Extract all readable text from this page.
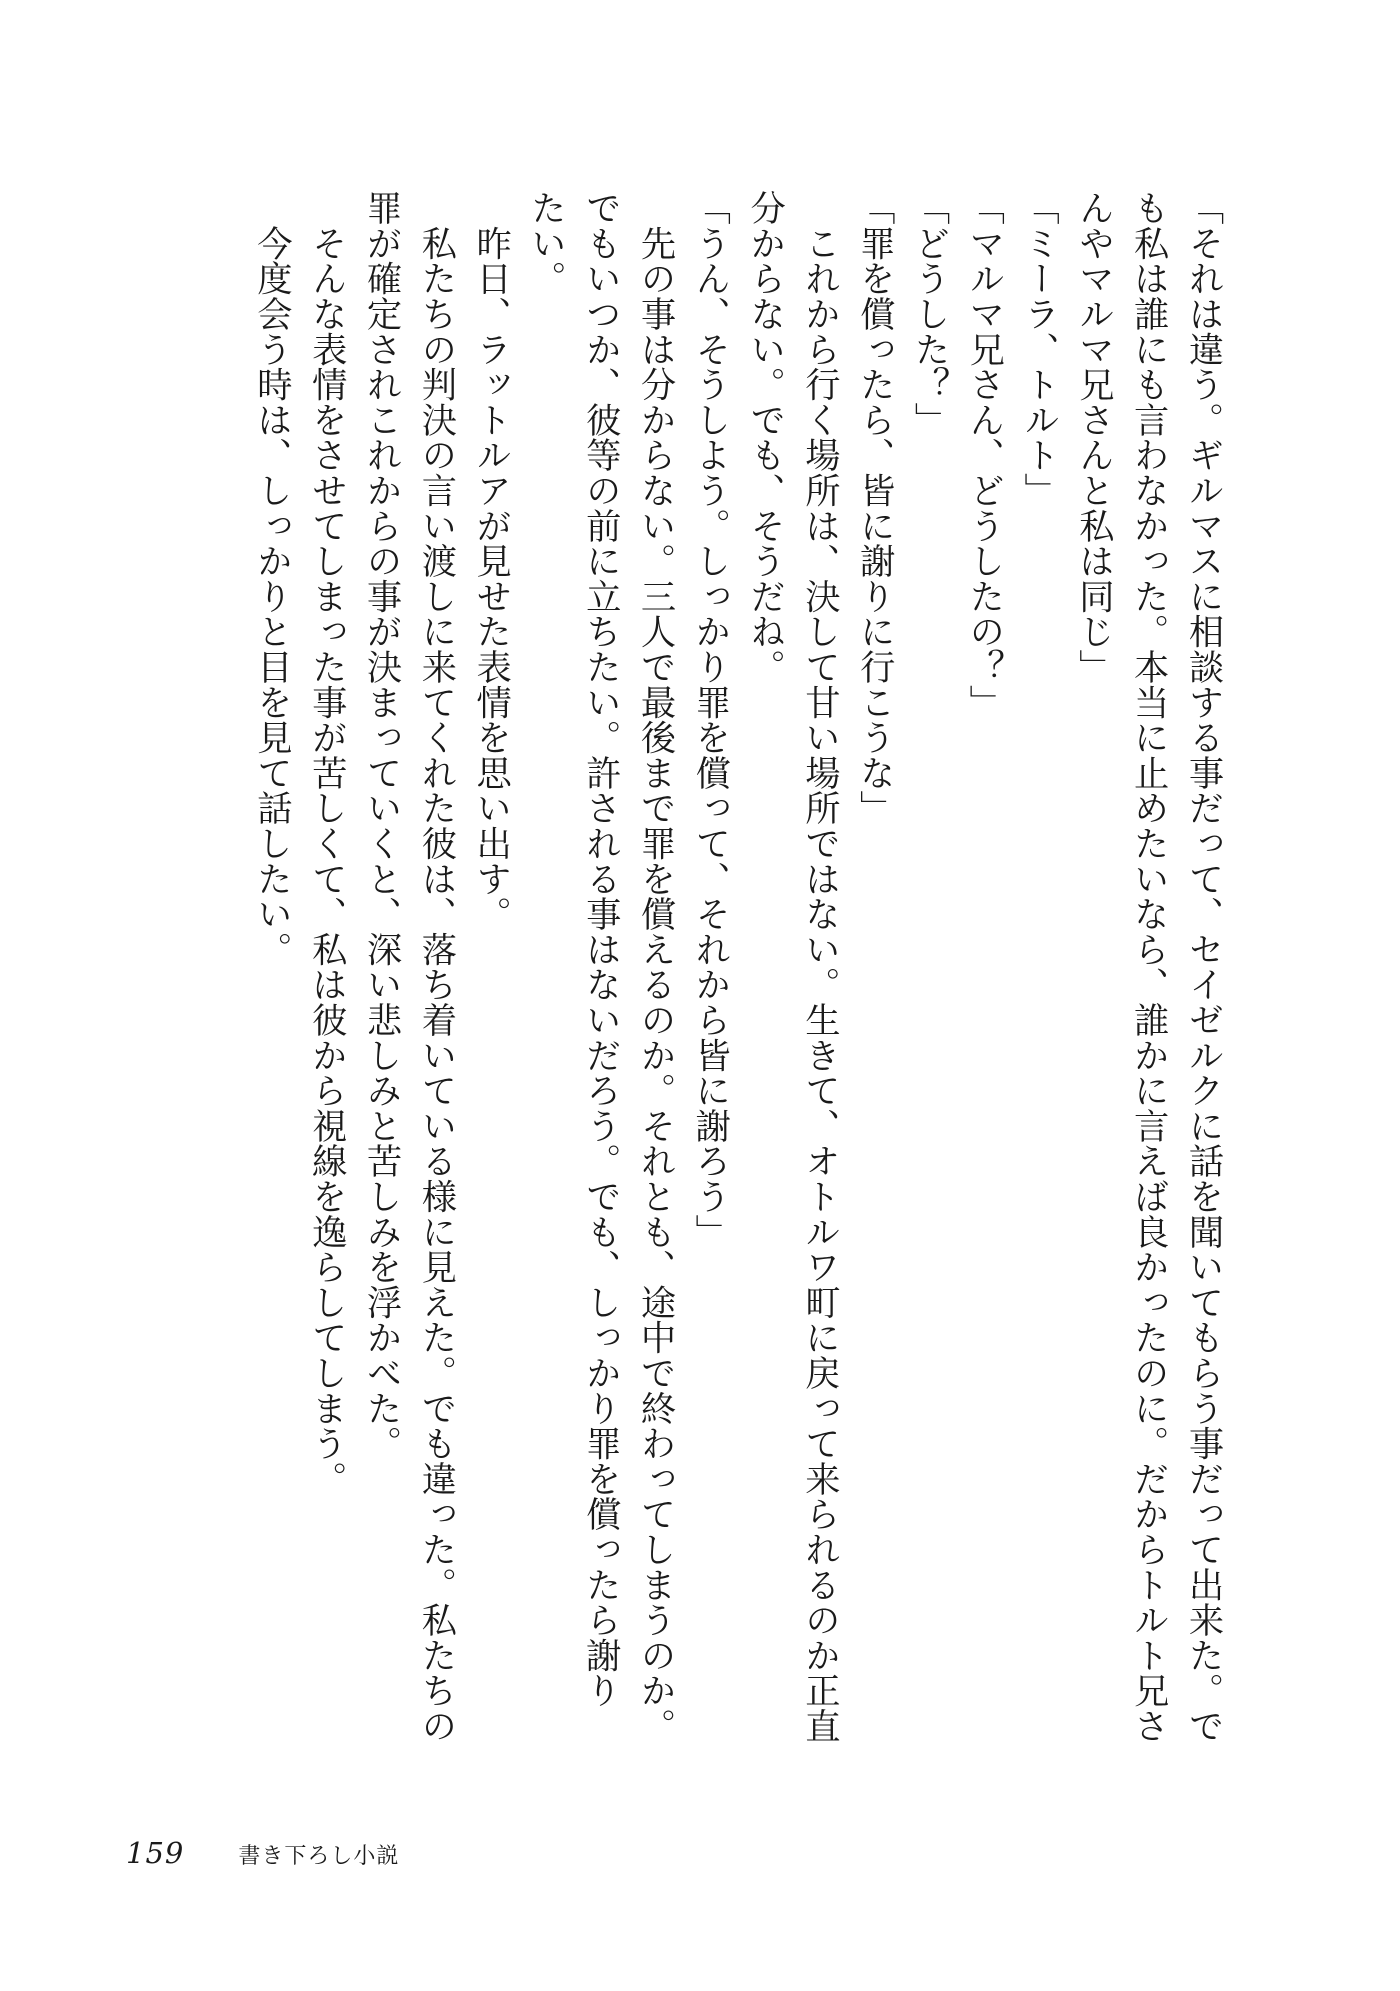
「それは違う。ギルマスに相談する事だって、セイゼルクに話を聞いてもらう事だって出来た。で
も私は誰にも言わなかった。本当に止めたいなら、誰かに言えば良かったのに。だからトルト兄さ
んやマルマ兄さんと私は同じ」
「ミーラ、トルト」
「マルマ兄さん、どうしたの？」
「どうした？」
「罪を償ったら、皆に謝りに行こうな」
　これから行く場所は、決して甘い場所ではない。生きて、オトルワ町に戻って来られるのか正直
分からない。でも、そうだね。
「うん、そうしよう。しっかり罪を償って、それから皆に謝ろう」
　先の事は分からない。三人で最後まで罪を償えるのか。それとも、途中で終わってしまうのか。
でもいつか、彼等の前に立ちたい。許される事はないだろう。でも、しっかり罪を償ったら謝り
たい。
　昨日、ラットルアが見せた表情を思い出す。
　私たちの判決の言い渡しに来てくれた彼は、落ち着いている様に見えた。でも違った。私たちの
罪が確定されこれからの事が決まっていくと、深い悲しみと苦しみを浮かべた。
　そんな表情をさせてしまった事が苦しくて、私は彼から視線を逸らしてしまう。
　今度会う時は、しっかりと目を見て話したい。
159 書き下ろし小説
